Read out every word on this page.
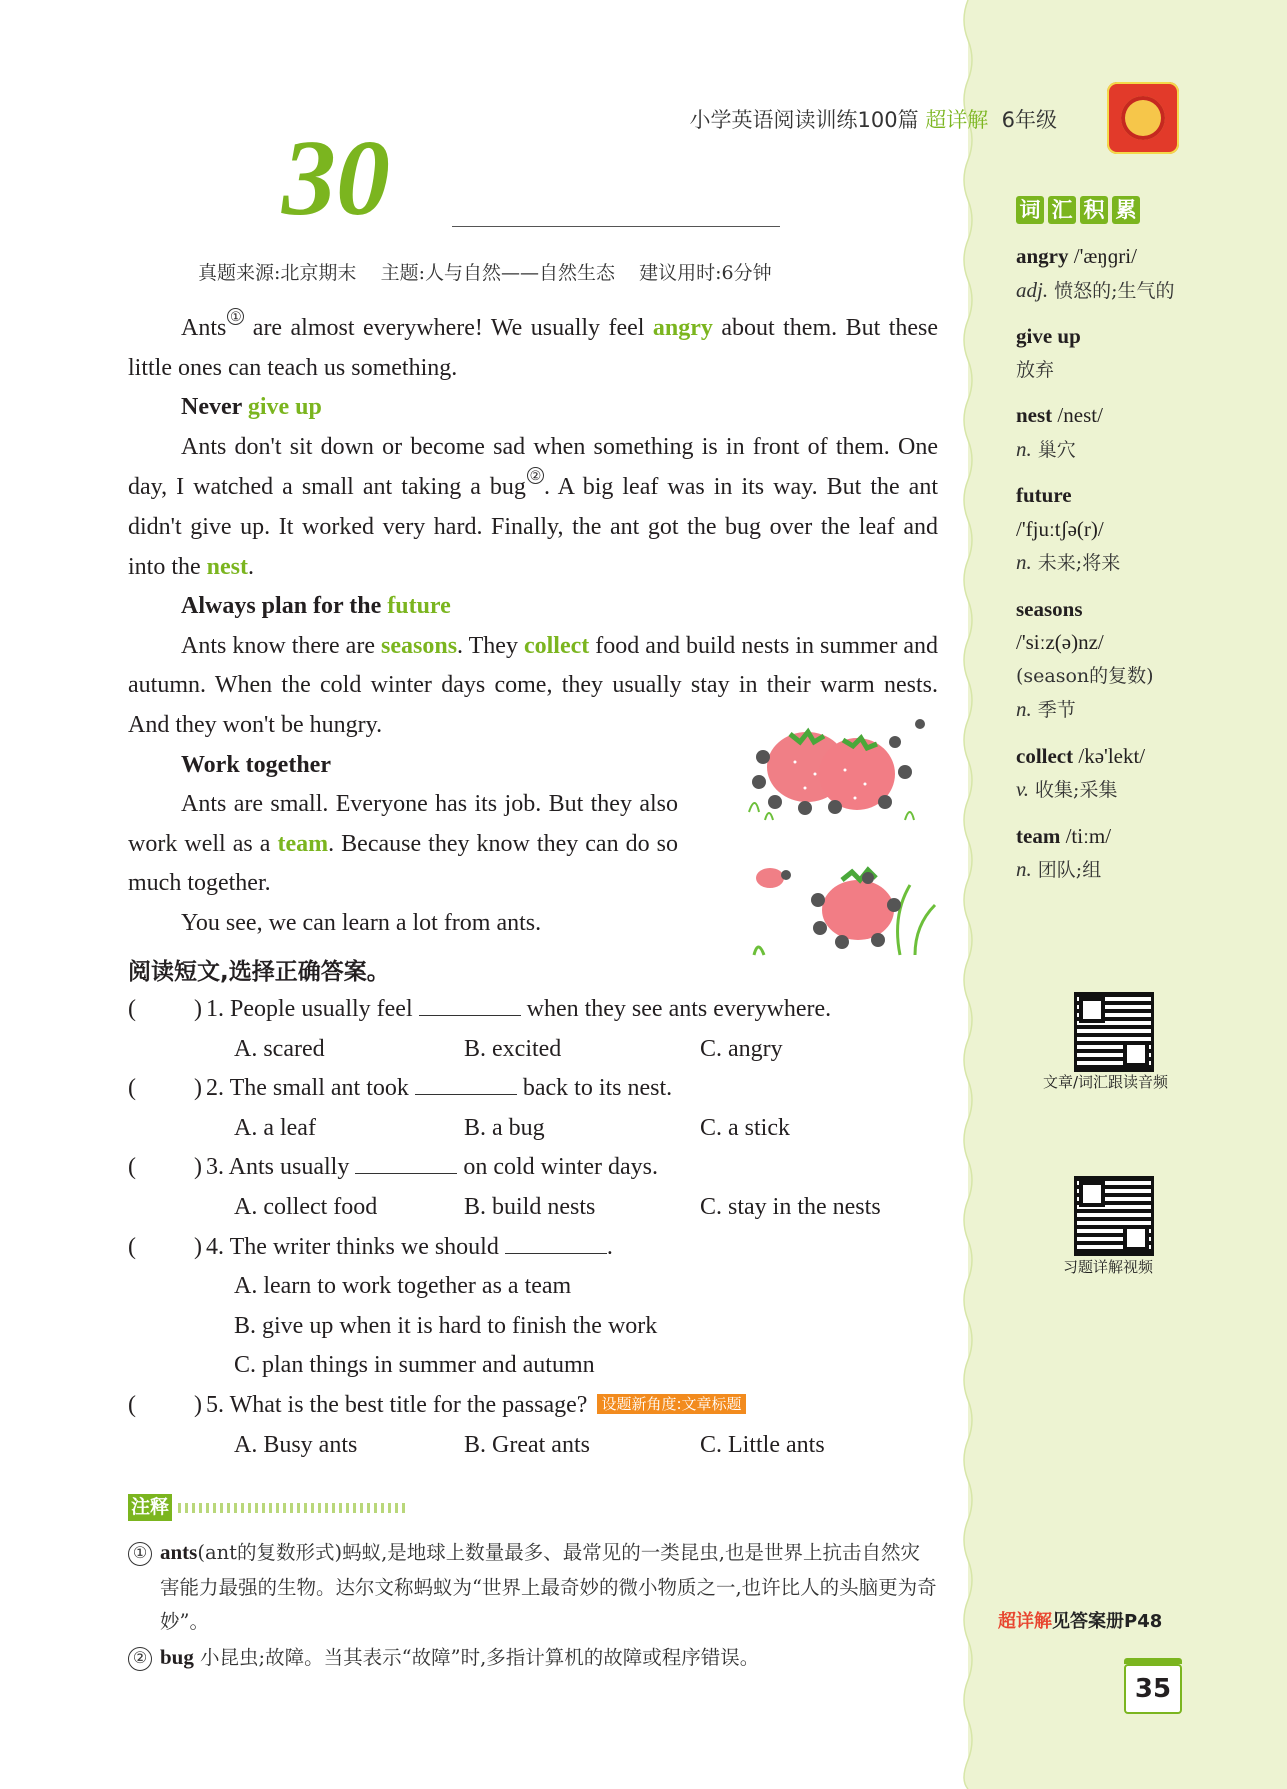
小学英语阅读训练100篇 超详解 6年级
30
真题来源:北京期末 主题:人与自然——自然生态 建议用时:6分钟

Ants ① are almost everywhere! We usually feel angry about them. But these little ones can teach us something.

Never give up

Ants don't sit down or become sad when something is in front of them. One day, I watched a small ant taking a bug ② . A big leaf was in its way. But the ant didn't give up. It worked very hard. Finally, the ant got the bug over the leaf and into the nest.

Always plan for the future

Ants know there are seasons. They collect food and build nests in summer and autumn. When the cold winter days come, they usually stay in their warm nests. And they won't be hungry.

Work together

Ants are small. Everyone has its job. But they also work well as a team. Because they know they can do so much together.

You see, we can learn a lot from ants.

阅读短文,选择正确答案。
( ) 1. People usually feel	when they see ants everywhere.
A. scared	B. excited	C. angry
( ) 2. The small ant took	back to its nest.
A. a leaf	B. a bug	C. a stick
( ) 3. Ants usually	on cold winter days.
A. collect food	B. build nests	C. stay in the nests
( ) 4. The writer thinks we should	.
A. learn to work together as a team
B. give up when it is hard to finish the work
C. plan things in summer and autumn
( ) 5. What is the best title for the passage? 设题新角度:文章标题
A. Busy ants	B. Great ants	C. Little ants
注释

① ants(ant的复数形式)蚂蚁,是地球上数量最多、最常见的一类昆虫,也是世界上抗击自然灾害能力最强的生物。达尔文称蚂蚁为“世界上最奇妙的微小物质之一,也许比人的头脑更为奇妙”。

② bug 小昆虫;故障。当其表示“故障”时,多指计算机的故障或程序错误。

词 汇 积 累
angry /'æŋɡri/
adj. 愤怒的;生气的
give up
放弃
nest /nest/
n. 巢穴
future
/'fjuːtʃə(r)/
n. 未来;将来
seasons
/'siːz(ə)nz/
(season的复数)
n. 季节
collect /kə'lekt/
v. 收集;采集
team /tiːm/
n. 团队;组
文章/词汇跟读音频
习题详解视频
超详解见答案册P48
35
